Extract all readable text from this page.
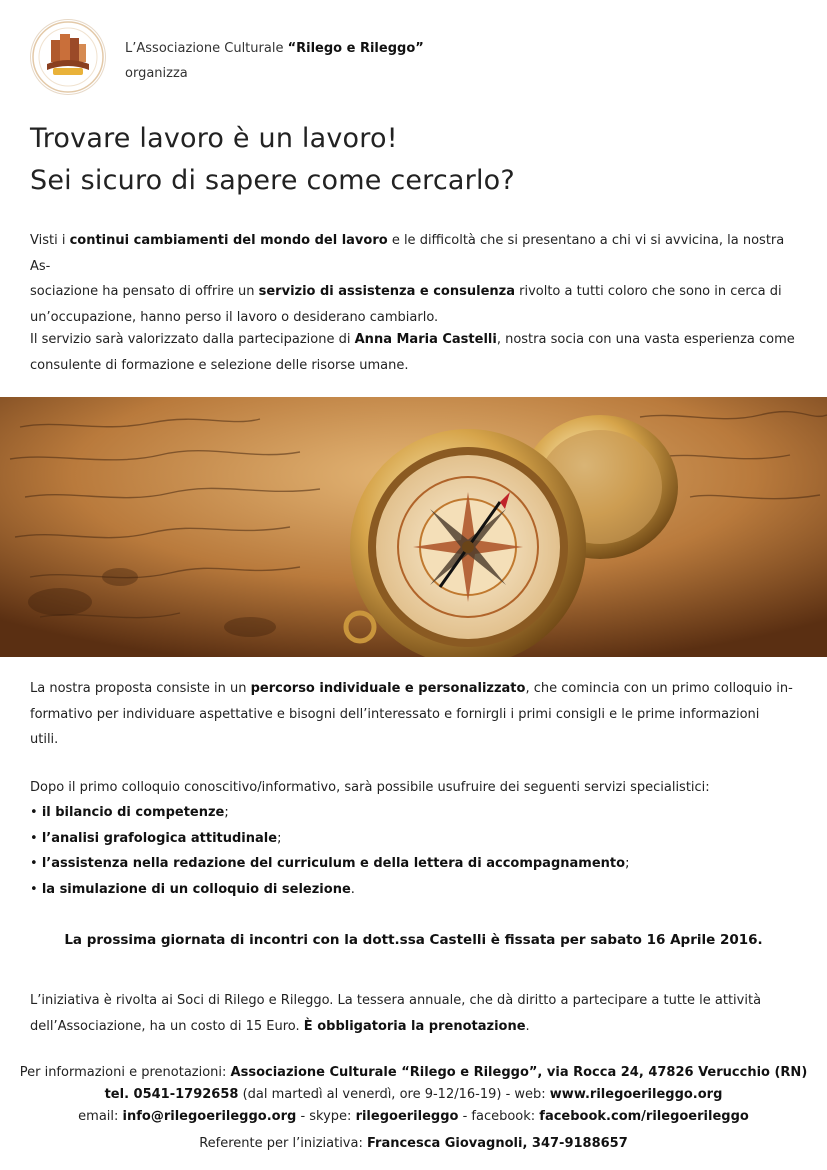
L’Associazione Culturale “Rilego e Rileggo”
organizza
Trovare lavoro è un lavoro!
Sei sicuro di sapere come cercarlo?
Visti i continui cambiamenti del mondo del lavoro e le difficoltà che si presentano a chi vi si avvicina, la nostra As-
sociazione ha pensato di offrire un servizio di assistenza e consulenza rivolto a tutti coloro che sono in cerca di
un’occupazione, hanno perso il lavoro o desiderano cambiarlo.
Il servizio sarà valorizzato dalla partecipazione di Anna Maria Castelli, nostra socia con una vasta esperienza come
consulente di formazione e selezione delle risorse umane.
La nostra proposta consiste in un percorso individuale e personalizzato, che comincia con un primo colloquio in-
formativo per individuare aspettative e bisogni dell’interessato e fornirgli i primi consigli e le prime informazioni
utili.
Dopo il primo colloquio conoscitivo/informativo, sarà possibile usufruire dei seguenti servizi specialistici:
• il bilancio di competenze;
• l’analisi grafologica attitudinale;
• l’assistenza nella redazione del curriculum e della lettera di accompagnamento;
• la simulazione di un colloquio di selezione.

La prossima giornata di incontri con la dott.ssa Castelli è fissata per sabato 16 Aprile 2016.

L’iniziativa è rivolta ai Soci di Rilego e Rileggo. La tessera annuale, che dà diritto a partecipare a tutte le attività
dell’Associazione, ha un costo di 15 Euro. È obbligatoria la prenotazione.
Per informazioni e prenotazioni: Associazione Culturale “Rilego e Rileggo”, via Rocca 24, 47826 Verucchio (RN)
tel. 0541-1792658 (dal martedì al venerdì, ore 9-12/16-19) - web: www.rilegoerileggo.org
email: info@rilegoerileggo.org - skype: rilegoerileggo - facebook: facebook.com/rilegoerileggo
Referente per l’iniziativa: Francesca Giovagnoli, 347-9188657
